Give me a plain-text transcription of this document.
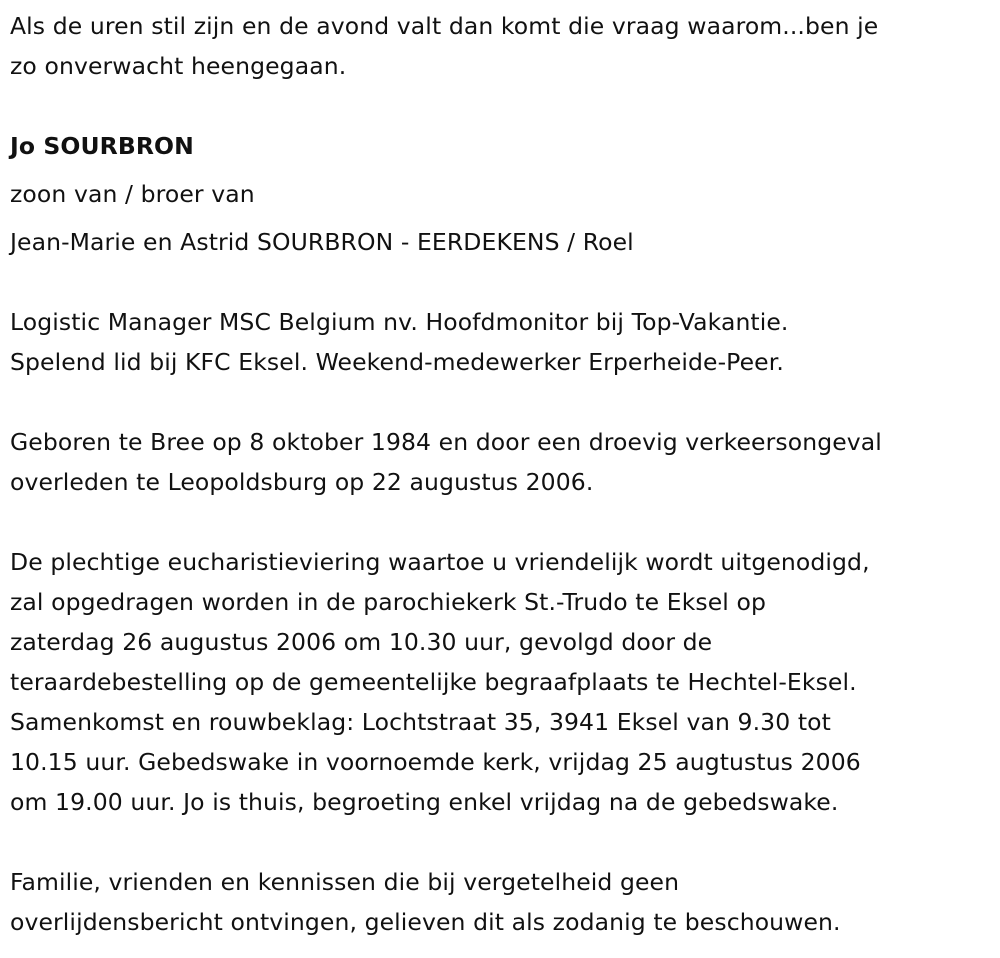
Als de uren stil zijn en de avond valt dan komt die vraag waarom...ben je
zo onverwacht heengegaan.
Jo SOURBRON
zoon van / broer van
Jean-Marie en Astrid SOURBRON - EERDEKENS / Roel
Logistic Manager MSC Belgium nv. Hoofdmonitor bij Top-Vakantie.
Spelend lid bij KFC Eksel. Weekend-medewerker Erperheide-Peer.
Geboren te Bree op 8 oktober 1984 en door een droevig verkeersongeval
overleden te Leopoldsburg op 22 augustus 2006.
De plechtige eucharistieviering waartoe u vriendelijk wordt uitgenodigd,
zal opgedragen worden in de parochiekerk St.-Trudo te Eksel op
zaterdag 26 augustus 2006 om 10.30 uur, gevolgd door de
teraardebestelling op de gemeentelijke begraafplaats te Hechtel-Eksel.
Samenkomst en rouwbeklag: Lochtstraat 35, 3941 Eksel van 9.30 tot
10.15 uur. Gebedswake in voornoemde kerk, vrijdag 25 augtustus 2006
om 19.00 uur. Jo is thuis, begroeting enkel vrijdag na de gebedswake.
Familie, vrienden en kennissen die bij vergetelheid geen
overlijdensbericht ontvingen, gelieven dit als zodanig te beschouwen.
